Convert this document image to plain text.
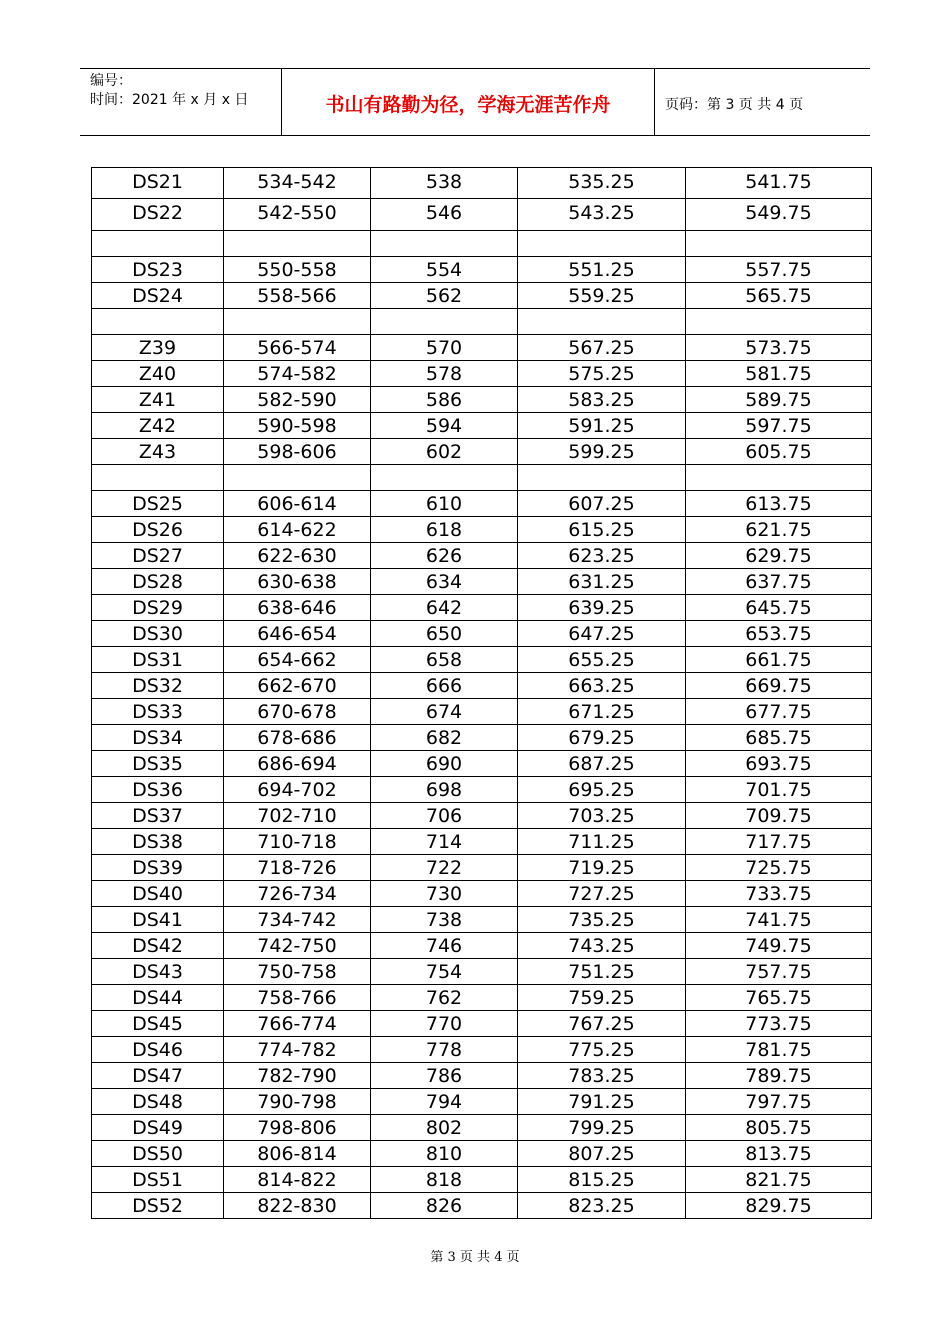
编号：
时间：2021 年 x 月 x 日	书山有路勤为径，学海无涯苦作舟	页码：第 3 页 共 4 页
DS21	534-542	538	535.25	541.75
DS22	542-550	546	543.25	549.75
DS23	550-558	554	551.25	557.75
DS24	558-566	562	559.25	565.75
Z39	566-574	570	567.25	573.75
Z40	574-582	578	575.25	581.75
Z41	582-590	586	583.25	589.75
Z42	590-598	594	591.25	597.75
Z43	598-606	602	599.25	605.75
DS25	606-614	610	607.25	613.75
DS26	614-622	618	615.25	621.75
DS27	622-630	626	623.25	629.75
DS28	630-638	634	631.25	637.75
DS29	638-646	642	639.25	645.75
DS30	646-654	650	647.25	653.75
DS31	654-662	658	655.25	661.75
DS32	662-670	666	663.25	669.75
DS33	670-678	674	671.25	677.75
DS34	678-686	682	679.25	685.75
DS35	686-694	690	687.25	693.75
DS36	694-702	698	695.25	701.75
DS37	702-710	706	703.25	709.75
DS38	710-718	714	711.25	717.75
DS39	718-726	722	719.25	725.75
DS40	726-734	730	727.25	733.75
DS41	734-742	738	735.25	741.75
DS42	742-750	746	743.25	749.75
DS43	750-758	754	751.25	757.75
DS44	758-766	762	759.25	765.75
DS45	766-774	770	767.25	773.75
DS46	774-782	778	775.25	781.75
DS47	782-790	786	783.25	789.75
DS48	790-798	794	791.25	797.75
DS49	798-806	802	799.25	805.75
DS50	806-814	810	807.25	813.75
DS51	814-822	818	815.25	821.75
DS52	822-830	826	823.25	829.75
第 3 页 共 4 页
